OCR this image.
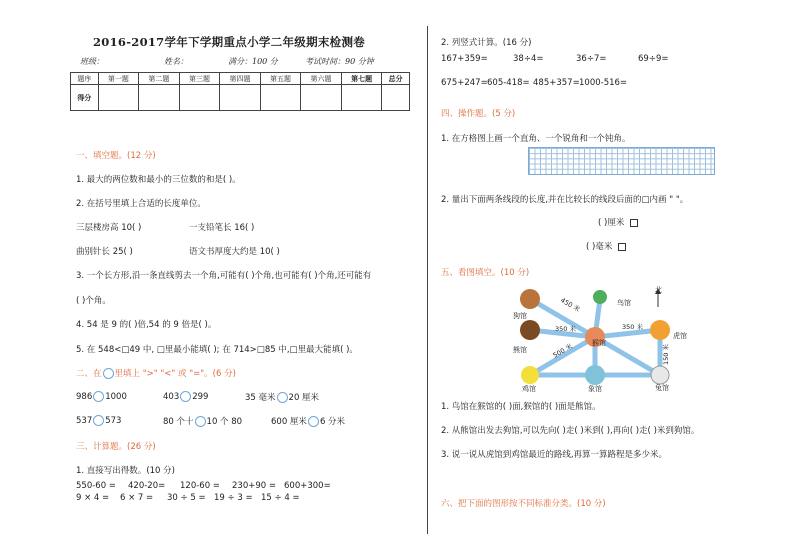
2016-2017学年下学期重点小学二年级期末检测卷
班级：	姓名：	满分：100 分	考试时间：90 分钟
题序	第一题	第二题	第三题	第四题	第五题	第六题	第七题	总分
得分								
一、填空题。(12 分)
1. 最大的两位数和最小的三位数的和是( )。
2. 在括号里填上合适的长度单位。
三层楼房高 10( )	一支铅笔长 16( )
曲别针长 25( )	语文书厚度大约是 10( )
3. 一个长方形,沿一条直线剪去一个角,可能有( )个角,也可能有( )个角,还可能有
( )个角。
4. 54 是 9 的( )倍,54 的 9 倍是( )。
5. 在 548<□49 中, □里最小能填( ); 在 714>□85 中,□里最大能填( )。
二、在 里填上 ">" "<" 或 "="。(6 分)
986 1000	403 299	35 毫米 20 厘米
537 573	80 个十 10 个 80	600 厘米 6 分米
三、计算题。(26 分)
1. 直接写出得数。(10 分)
550-60 = 420-20= 120-60 = 230+90 = 600+300=
9 × 4 = 6 × 7 = 30 ÷ 5 = 19 ÷ 3 = 15 ÷ 4 =
2. 列竖式计算。(16 分)
167+359=	38÷4=	36÷7=	69÷9=
675+247= 605-418= 485+357= 1000-516=
四、操作题。(5 分)
1. 在方格图上画一个直角、一个锐角和一个钝角。
2. 量出下面两条线段的长度,并在比较长的线段后面的□内画 " "。
( )厘米
( )毫米
五、看图填空。(10 分)
北
狗馆
鸟馆
熊馆
猴馆
虎馆
鸡馆	象馆	兔馆
450 米
350 米	350 米
500 米	150 米
1. 鸟馆在猴馆的( )面,猴馆的( )面是熊馆。
2. 从熊馆出发去狗馆,可以先向( )走( )米到( ),再向( )走( )米到狗馆。
3. 说一说从虎馆到鸡馆最近的路线,再算一算路程是多少米。
六、把下面的图形按不同标准分类。(10 分)
